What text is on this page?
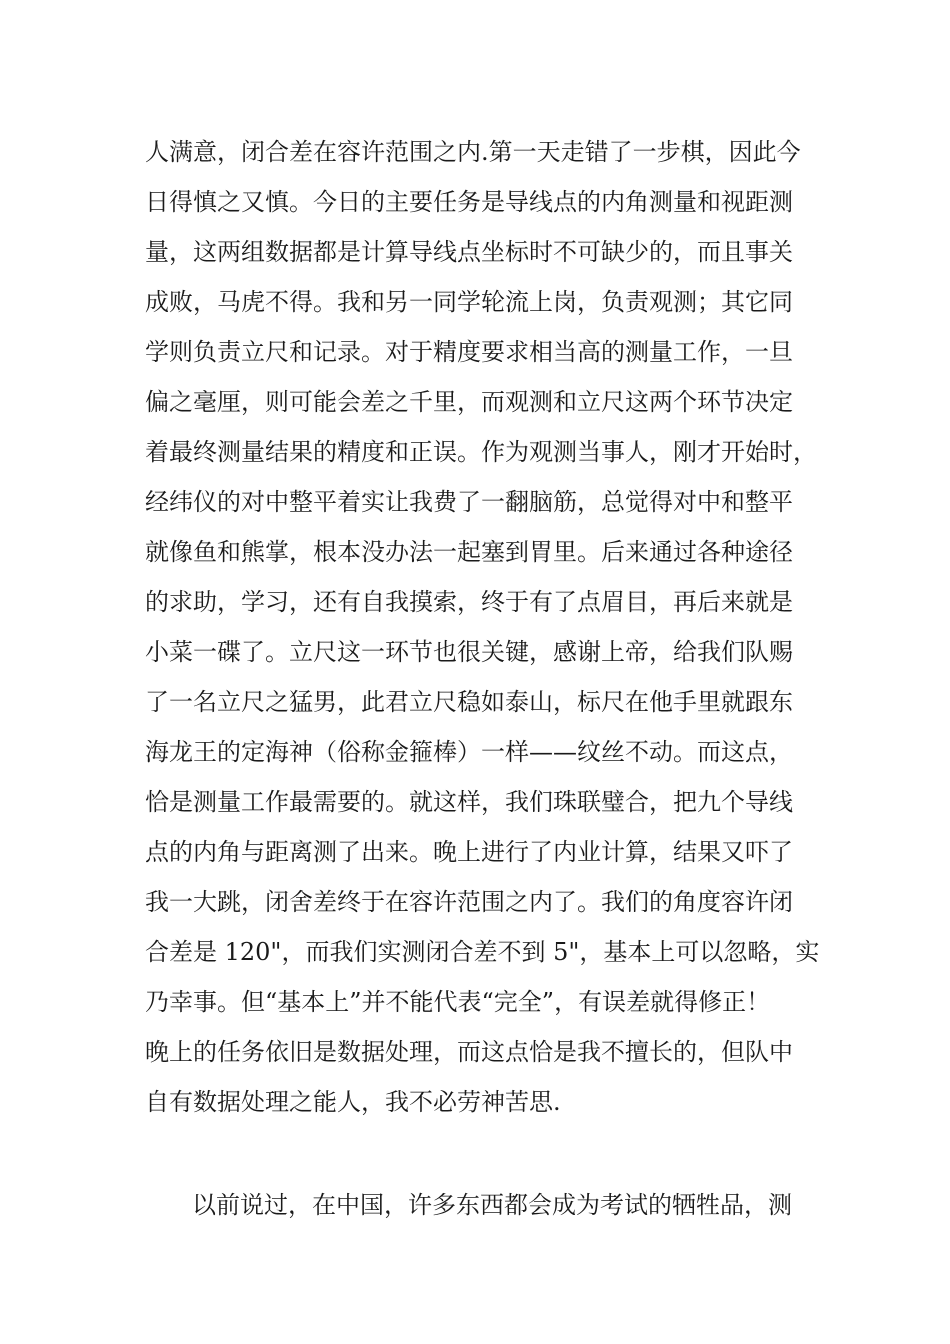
人满意，闭合差在容许范围之内.第一天走错了一步棋，因此今
日得慎之又慎。今日的主要任务是导线点的内角测量和视距测
量，这两组数据都是计算导线点坐标时不可缺少的，而且事关
成败，马虎不得。我和另一同学轮流上岗，负责观测；其它同
学则负责立尺和记录。对于精度要求相当高的测量工作，一旦
偏之毫厘，则可能会差之千里，而观测和立尺这两个环节决定
着最终测量结果的精度和正误。作为观测当事人，刚才开始时，
经纬仪的对中整平着实让我费了一翻脑筋，总觉得对中和整平
就像鱼和熊掌，根本没办法一起塞到胃里。后来通过各种途径
的求助，学习，还有自我摸索，终于有了点眉目，再后来就是
小菜一碟了。立尺这一环节也很关键，感谢上帝，给我们队赐
了一名立尺之猛男，此君立尺稳如泰山，标尺在他手里就跟东
海龙王的定海神（俗称金箍棒）一样——纹丝不动。而这点，
恰是测量工作最需要的。就这样，我们珠联璧合，把九个导线
点的内角与距离测了出来。晚上进行了内业计算，结果又吓了
我一大跳，闭舍差终于在容许范围之内了。我们的角度容许闭
合差是 120"，而我们实测闭合差不到 5"，基本上可以忽略，实
乃幸事。但“基本上”并不能代表“完全”，有误差就得修正！
晚上的任务依旧是数据处理，而这点恰是我不擅长的，但队中
自有数据处理之能人，我不必劳神苦思.
以前说过，在中国，许多东西都会成为考试的牺牲品，测
